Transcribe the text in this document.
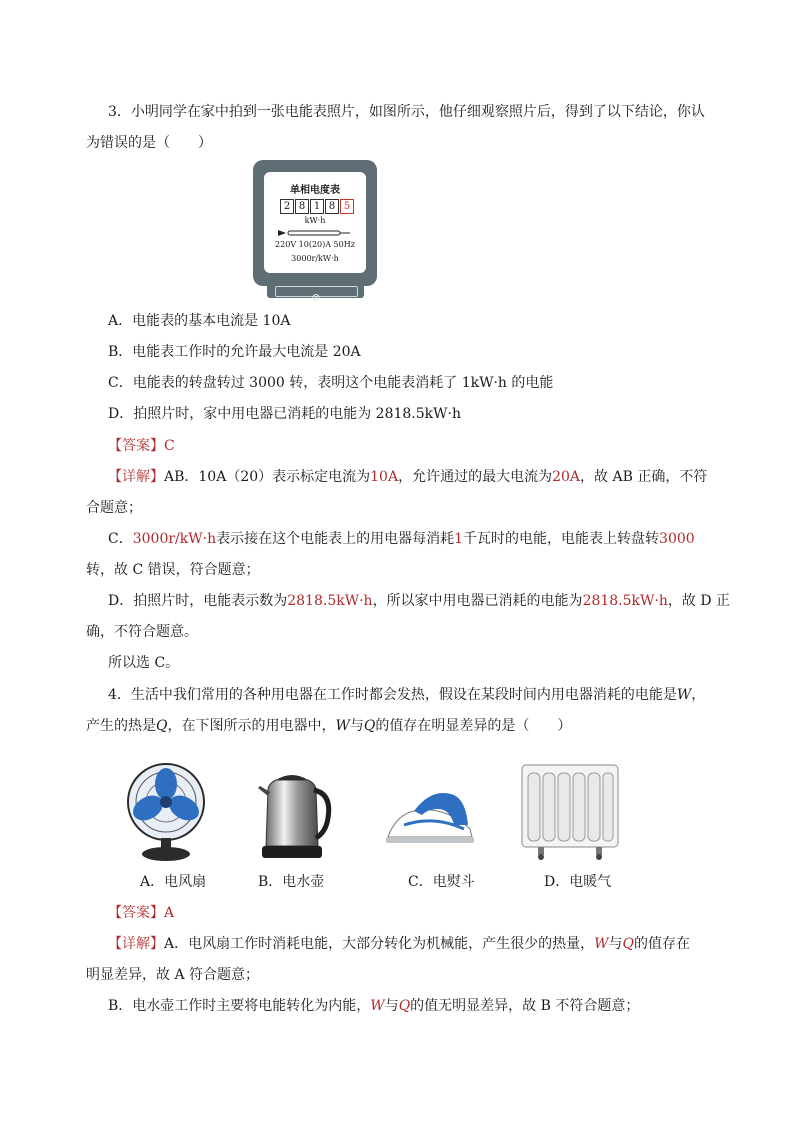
3．小明同学在家中拍到一张电能表照片，如图所示，他仔细观察照片后，得到了以下结论，你认
为错误的是（　　）
单相电度表
2 8 1 8 5
kW·h
220V 10(20)A 50Hz
3000r/kW·h
A．电能表的基本电流是 10A
B．电能表工作时的允许最大电流是 20A
C．电能表的转盘转过 3000 转，表明这个电能表消耗了 1kW·h 的电能
D．拍照片时，家中用电器已消耗的电能为 2818.5kW·h
【答案】C
【详解】AB．10A（20）表示标定电流为10A，允许通过的最大电流为20A，故 AB 正确，不符
合题意；
C．3000r/kW·h表示接在这个电能表上的用电器每消耗1千瓦时的电能，电能表上转盘转3000
转，故 C 错误，符合题意；
D．拍照片时，电能表示数为2818.5kW·h，所以家中用电器已消耗的电能为2818.5kW·h，故 D 正
确，不符合题意。
所以选 C。
4．生活中我们常用的各种用电器在工作时都会发热，假设在某段时间内用电器消耗的电能是W，
产生的热是Q，在下图所示的用电器中，W与Q的值存在明显差异的是（　　）
A．电风扇	B．电水壶	C．电熨斗	D．电暖气
【答案】A
【详解】A．电风扇工作时消耗电能，大部分转化为机械能，产生很少的热量，W与Q的值存在
明显差异，故 A 符合题意；
B．电水壶工作时主要将电能转化为内能，W与Q的值无明显差异，故 B 不符合题意；
